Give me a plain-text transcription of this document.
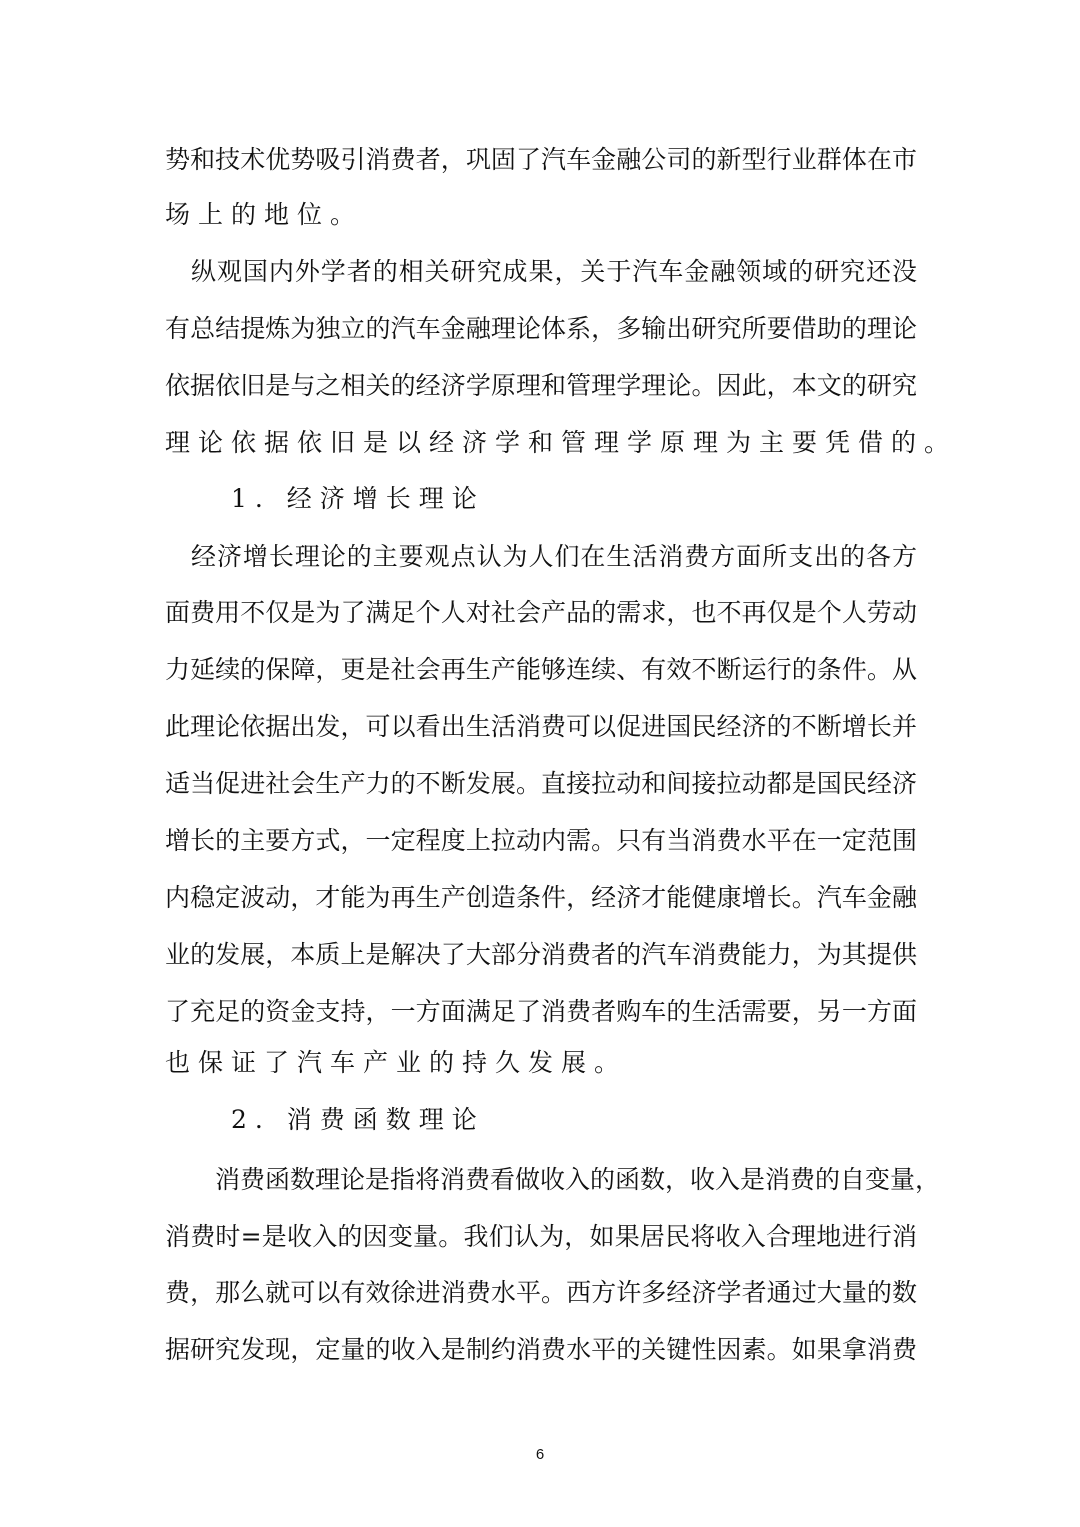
势和技术优势吸引消费者，巩固了汽车金融公司的新型行业群体在市
场上的地位。
　纵观国内外学者的相关研究成果，关于汽车金融领域的研究还没
有总结提炼为独立的汽车金融理论体系，多输出研究所要借助的理论
依据依旧是与之相关的经济学原理和管理学理论。因此，本文的研究
理论依据依旧是以经济学和管理学原理为主要凭借的。
　　1. 经济增长理论
　经济增长理论的主要观点认为人们在生活消费方面所支出的各方
面费用不仅是为了满足个人对社会产品的需求，也不再仅是个人劳动
力延续的保障，更是社会再生产能够连续、有效不断运行的条件。从
此理论依据出发，可以看出生活消费可以促进国民经济的不断增长并
适当促进社会生产力的不断发展。直接拉动和间接拉动都是国民经济
增长的主要方式，一定程度上拉动内需。只有当消费水平在一定范围
内稳定波动，才能为再生产创造条件，经济才能健康增长。汽车金融
业的发展，本质上是解决了大部分消费者的汽车消费能力，为其提供
了充足的资金支持，一方面满足了消费者购车的生活需要，另一方面
也保证了汽车产业的持久发展。
　　2. 消费函数理论
　　消费函数理论是指将消费看做收入的函数，收入是消费的自变量，
消费时=是收入的因变量。我们认为，如果居民将收入合理地进行消
费，那么就可以有效徐进消费水平。西方许多经济学者通过大量的数
据研究发现，定量的收入是制约消费水平的关键性因素。如果拿消费
6
